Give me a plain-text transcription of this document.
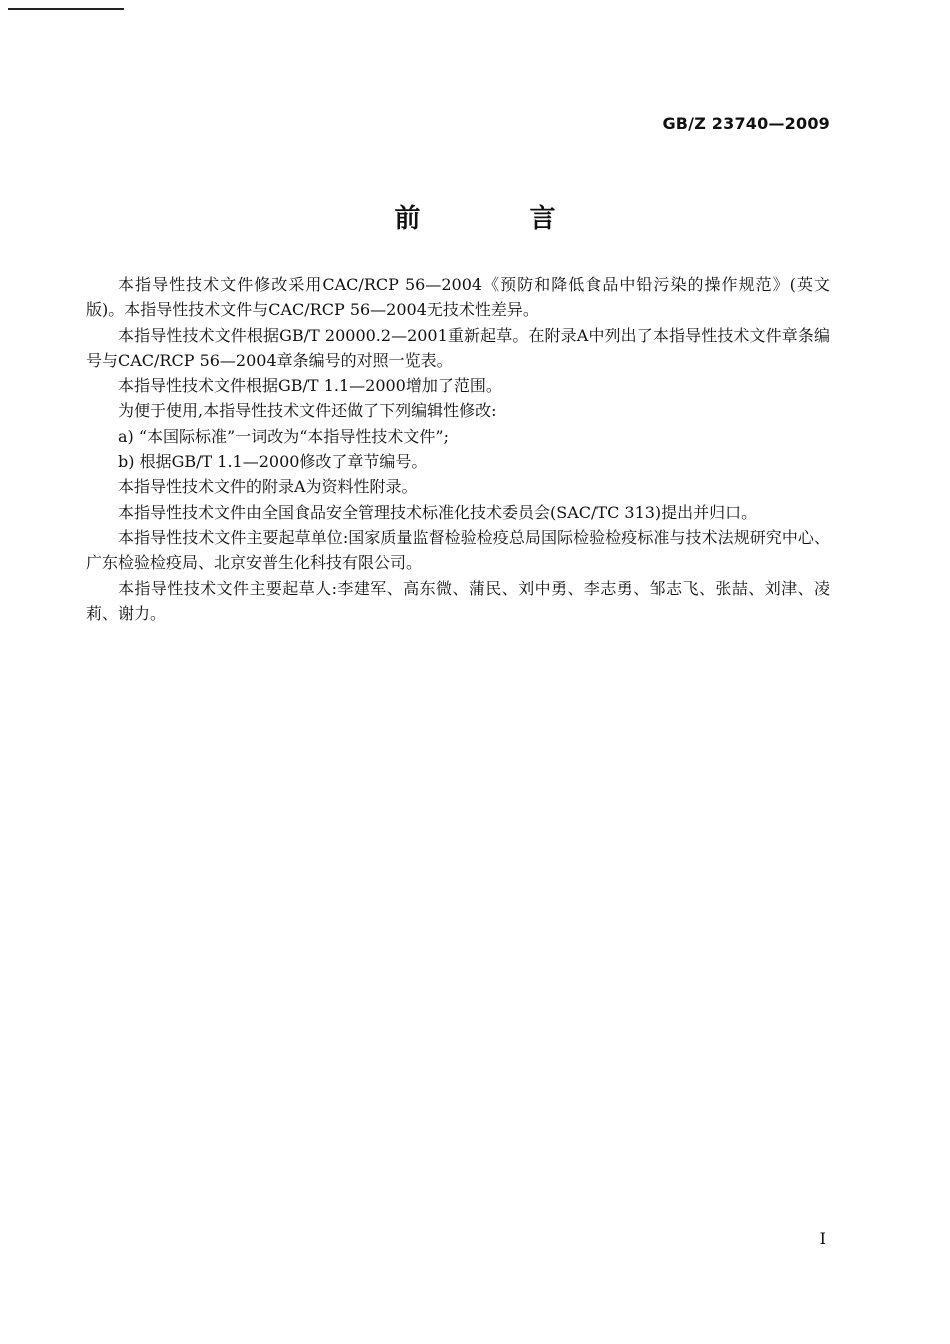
GB/Z 23740—2009
前 言

本指导性技术文件修改采用CAC/RCP 56—2004《预防和降低食品中铅污染的操作规范》(英文版)。本指导性技术文件与CAC/RCP 56—2004无技术性差异。

本指导性技术文件根据GB/T 20000.2—2001重新起草。在附录A中列出了本指导性技术文件章条编号与CAC/RCP 56—2004章条编号的对照一览表。

本指导性技术文件根据GB/T 1.1—2000增加了范围。

为便于使用,本指导性技术文件还做了下列编辑性修改:

a) “本国际标准”一词改为“本指导性技术文件”;

b) 根据GB/T 1.1—2000修改了章节编号。

本指导性技术文件的附录A为资料性附录。

本指导性技术文件由全国食品安全管理技术标准化技术委员会(SAC/TC 313)提出并归口。

本指导性技术文件主要起草单位:国家质量监督检验检疫总局国际检验检疫标准与技术法规研究中心、广东检验检疫局、北京安普生化科技有限公司。

本指导性技术文件主要起草人:李建军、高东微、蒲民、刘中勇、李志勇、邹志飞、张喆、刘津、凌莉、谢力。

I
